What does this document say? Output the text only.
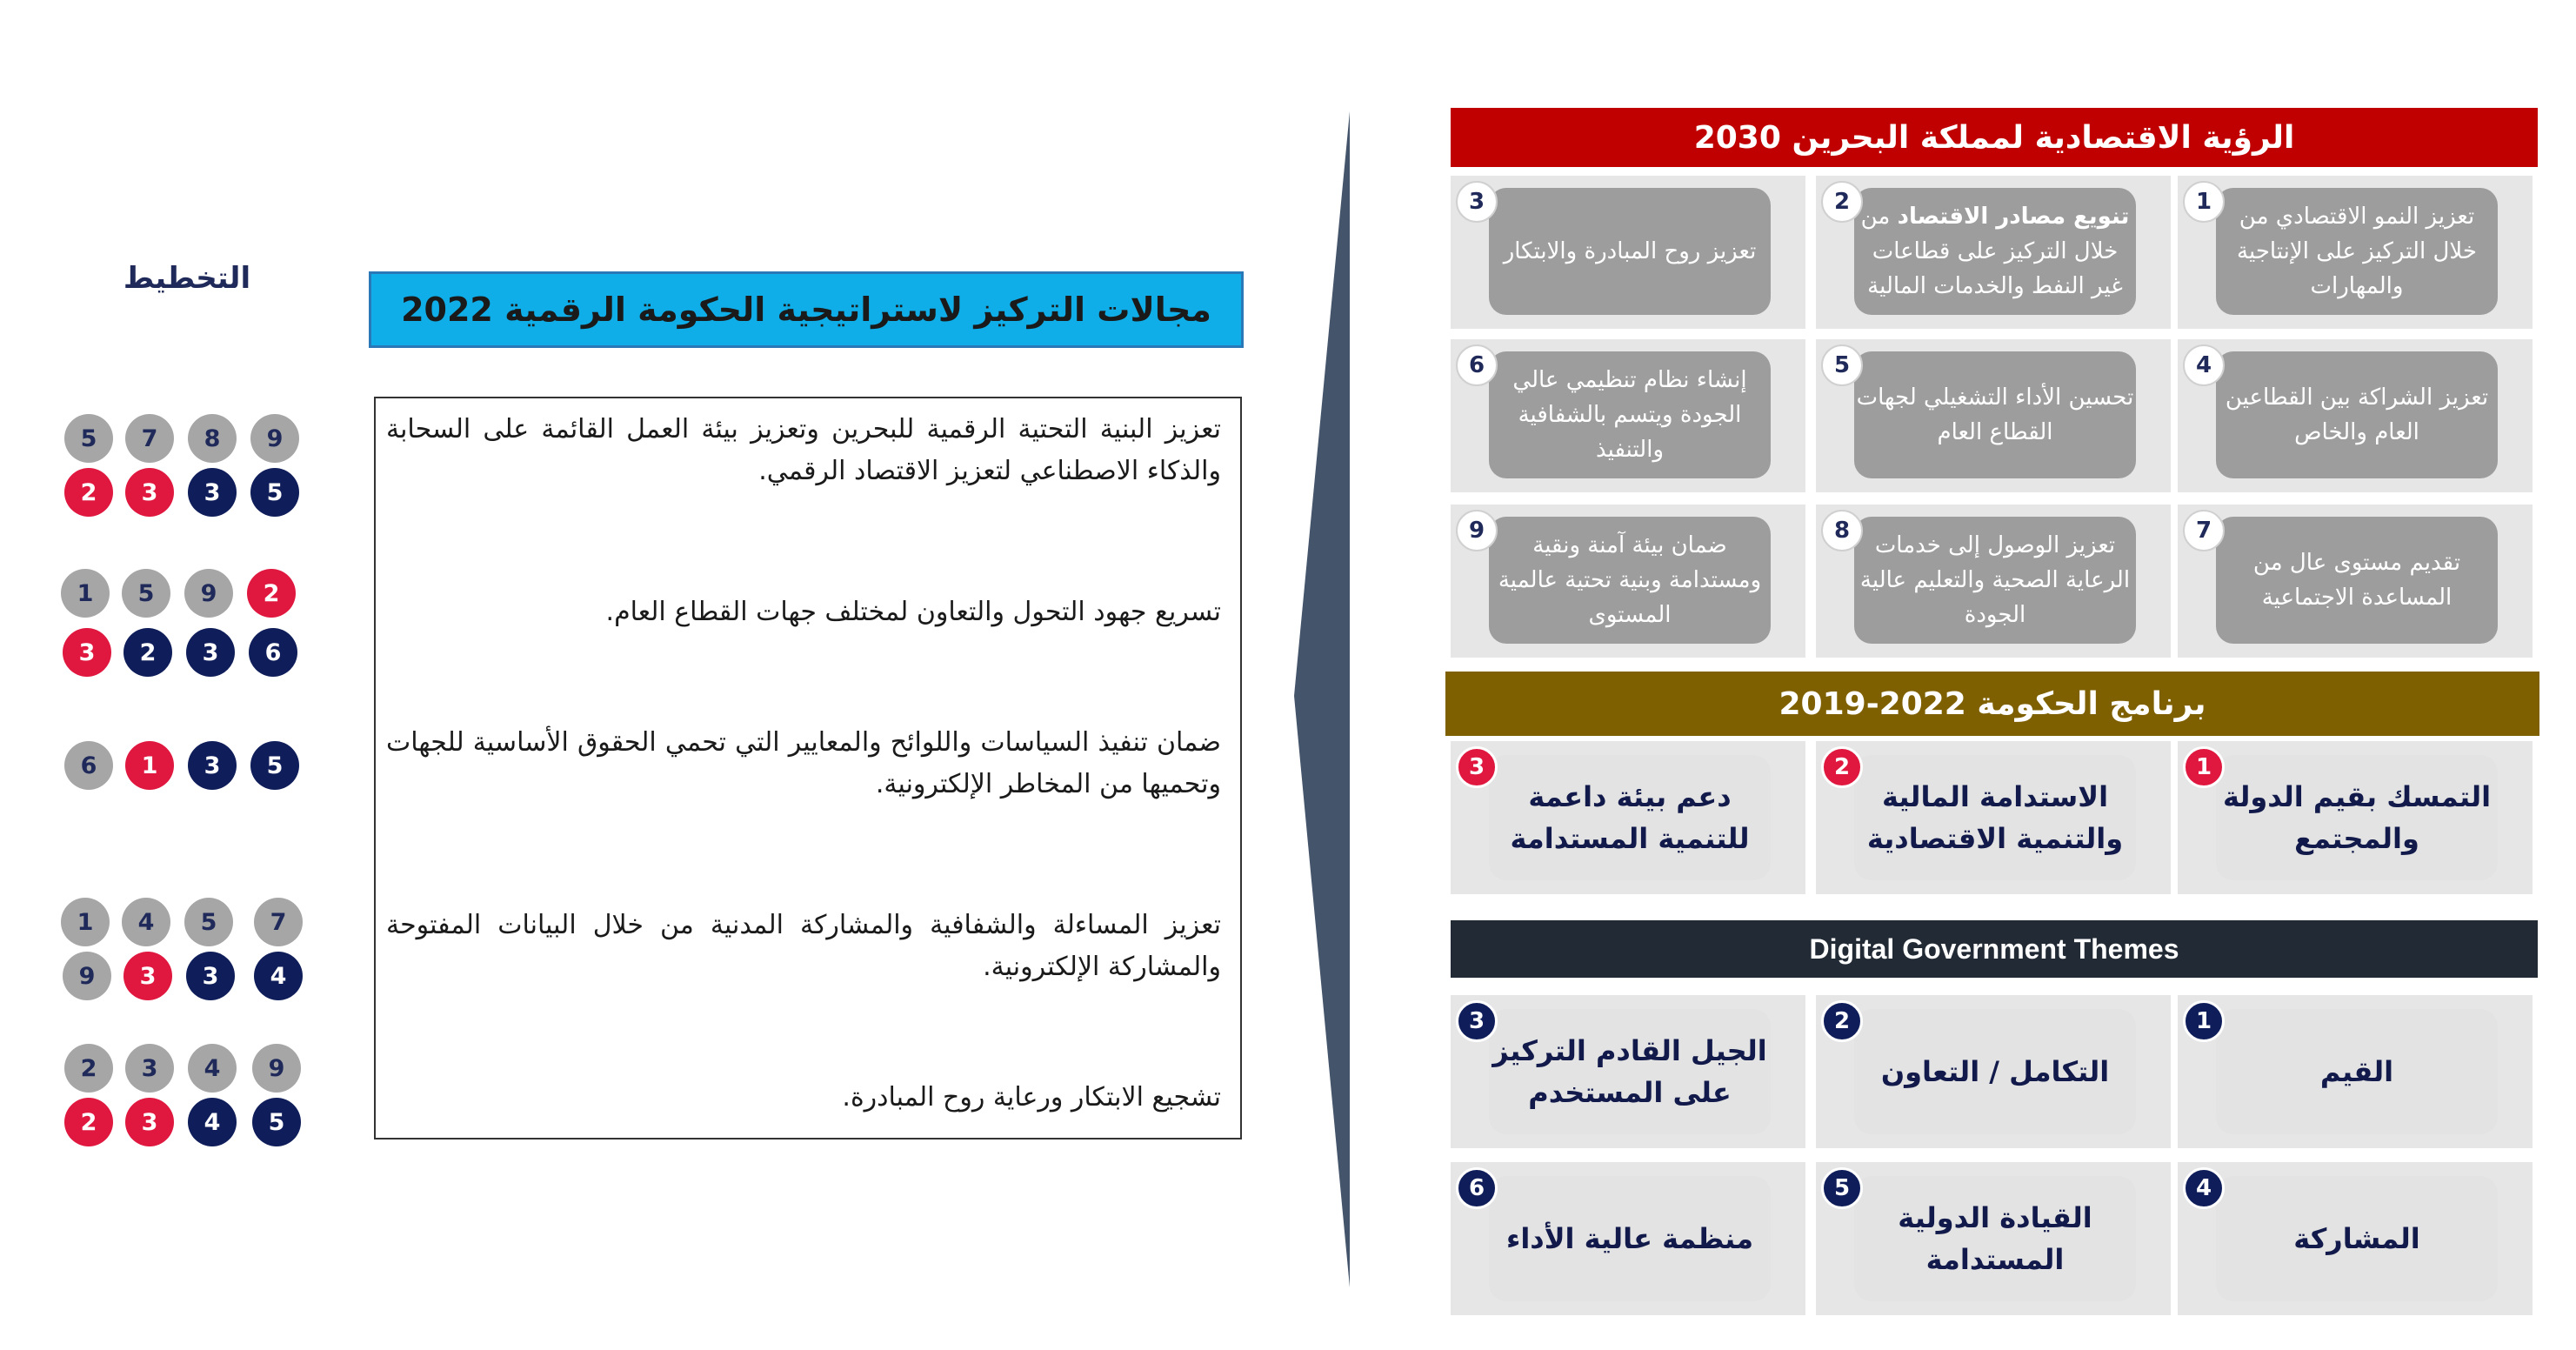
التخطيط
5	7	8	9
2	3	3	5
1	5	9	2
3	2	3	6
6	1	3	5
1	4	5	7
9	3	3	4
2	3	4	9
2	3	4	5
مجالات التركيز لاستراتيجية الحكومة الرقمية 2022
تعزيز البنية التحتية الرقمية للبحرين وتعزيز بيئة العمل القائمة على السحابة والذكاء الاصطناعي لتعزيز الاقتصاد الرقمي.
تسريع جهود التحول والتعاون لمختلف جهات القطاع العام.
ضمان تنفيذ السياسات واللوائح والمعايير التي تحمي الحقوق الأساسية للجهات وتحميها من المخاطر الإلكترونية.
تعزيز المساءلة والشفافية والمشاركة المدنية من خلال البيانات المفتوحة والمشاركة الإلكترونية.
تشجيع الابتكار ورعاية روح المبادرة.
الرؤية الاقتصادية لمملكة البحرين 2030
تعزيز النمو الاقتصادي من خلال التركيز على الإنتاجية والمهارات
1
تنويع مصادر الاقتصاد من خلال التركيز على قطاعات غير النفط والخدمات المالية
2
تعزيز روح المبادرة والابتكار
3
تعزيز الشراكة بين القطاعين العام والخاص
4
تحسين الأداء التشغيلي لجهات القطاع العام
5
إنشاء نظام تنظيمي عالي الجودة ويتسم بالشفافية والتنفيذ
6
تقديم مستوى عال من المساعدة الاجتماعية
7
تعزيز الوصول إلى خدمات الرعاية الصحية والتعليم عالية الجودة
8
ضمان بيئة آمنة ونقية ومستدامة وبنية تحتية عالمية المستوى
9
برنامج الحكومة 2022-2019
التمسك بقيم الدولة والمجتمع
1
الاستدامة المالية والتنمية الاقتصادية
2
دعم بيئة داعمة للتنمية المستدامة
3
Digital Government Themes
القيم
1
التكامل / التعاون
2
الجيل القادم التركيز على المستخدم
3
المشاركة
4
القيادة الدولية المستدامة
5
منظمة عالية الأداء
6
